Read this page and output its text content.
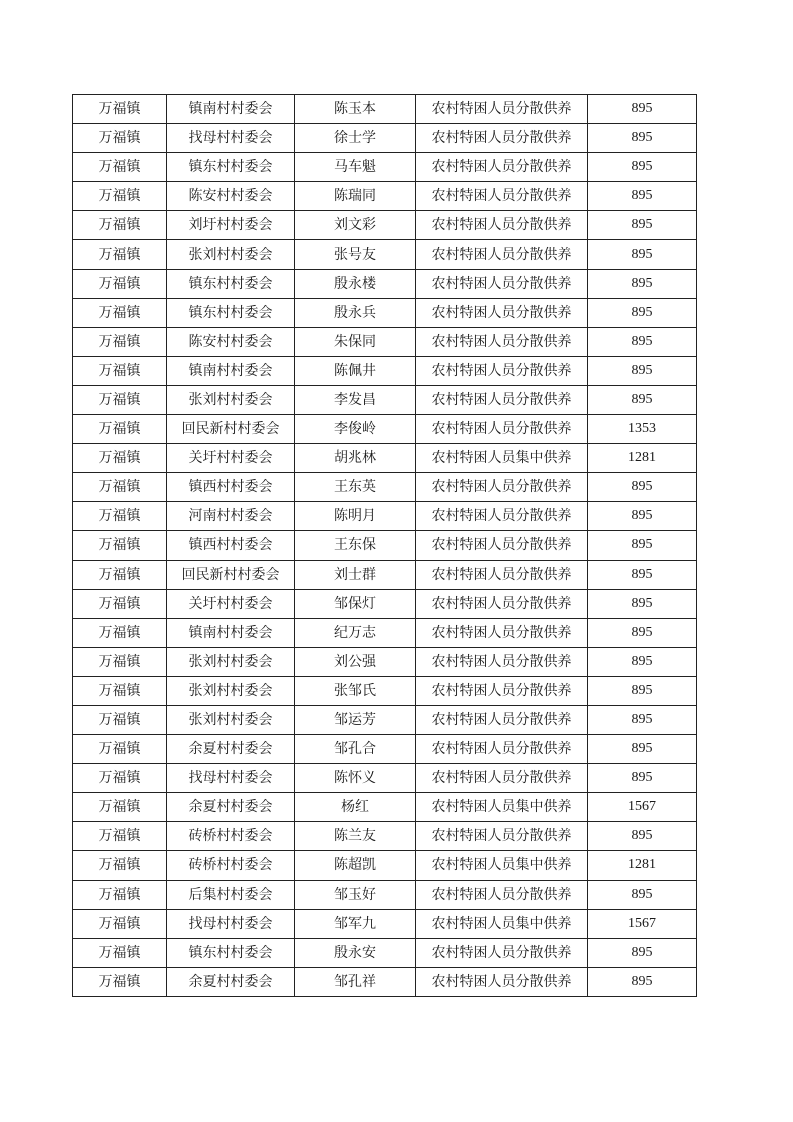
万福镇	镇南村村委会	陈玉本	农村特困人员分散供养	895
万福镇	找母村村委会	徐士学	农村特困人员分散供养	895
万福镇	镇东村村委会	马车魁	农村特困人员分散供养	895
万福镇	陈安村村委会	陈瑞同	农村特困人员分散供养	895
万福镇	刘圩村村委会	刘文彩	农村特困人员分散供养	895
万福镇	张刘村村委会	张号友	农村特困人员分散供养	895
万福镇	镇东村村委会	殷永楼	农村特困人员分散供养	895
万福镇	镇东村村委会	殷永兵	农村特困人员分散供养	895
万福镇	陈安村村委会	朱保同	农村特困人员分散供养	895
万福镇	镇南村村委会	陈佩井	农村特困人员分散供养	895
万福镇	张刘村村委会	李发昌	农村特困人员分散供养	895
万福镇	回民新村村委会	李俊岭	农村特困人员分散供养	1353
万福镇	关圩村村委会	胡兆林	农村特困人员集中供养	1281
万福镇	镇西村村委会	王东英	农村特困人员分散供养	895
万福镇	河南村村委会	陈明月	农村特困人员分散供养	895
万福镇	镇西村村委会	王东保	农村特困人员分散供养	895
万福镇	回民新村村委会	刘士群	农村特困人员分散供养	895
万福镇	关圩村村委会	邹保灯	农村特困人员分散供养	895
万福镇	镇南村村委会	纪万志	农村特困人员分散供养	895
万福镇	张刘村村委会	刘公强	农村特困人员分散供养	895
万福镇	张刘村村委会	张邹氏	农村特困人员分散供养	895
万福镇	张刘村村委会	邹运芳	农村特困人员分散供养	895
万福镇	余夏村村委会	邹孔合	农村特困人员分散供养	895
万福镇	找母村村委会	陈怀义	农村特困人员分散供养	895
万福镇	余夏村村委会	杨红	农村特困人员集中供养	1567
万福镇	砖桥村村委会	陈兰友	农村特困人员分散供养	895
万福镇	砖桥村村委会	陈超凯	农村特困人员集中供养	1281
万福镇	后集村村委会	邹玉好	农村特困人员分散供养	895
万福镇	找母村村委会	邹军九	农村特困人员集中供养	1567
万福镇	镇东村村委会	殷永安	农村特困人员分散供养	895
万福镇	余夏村村委会	邹孔祥	农村特困人员分散供养	895
